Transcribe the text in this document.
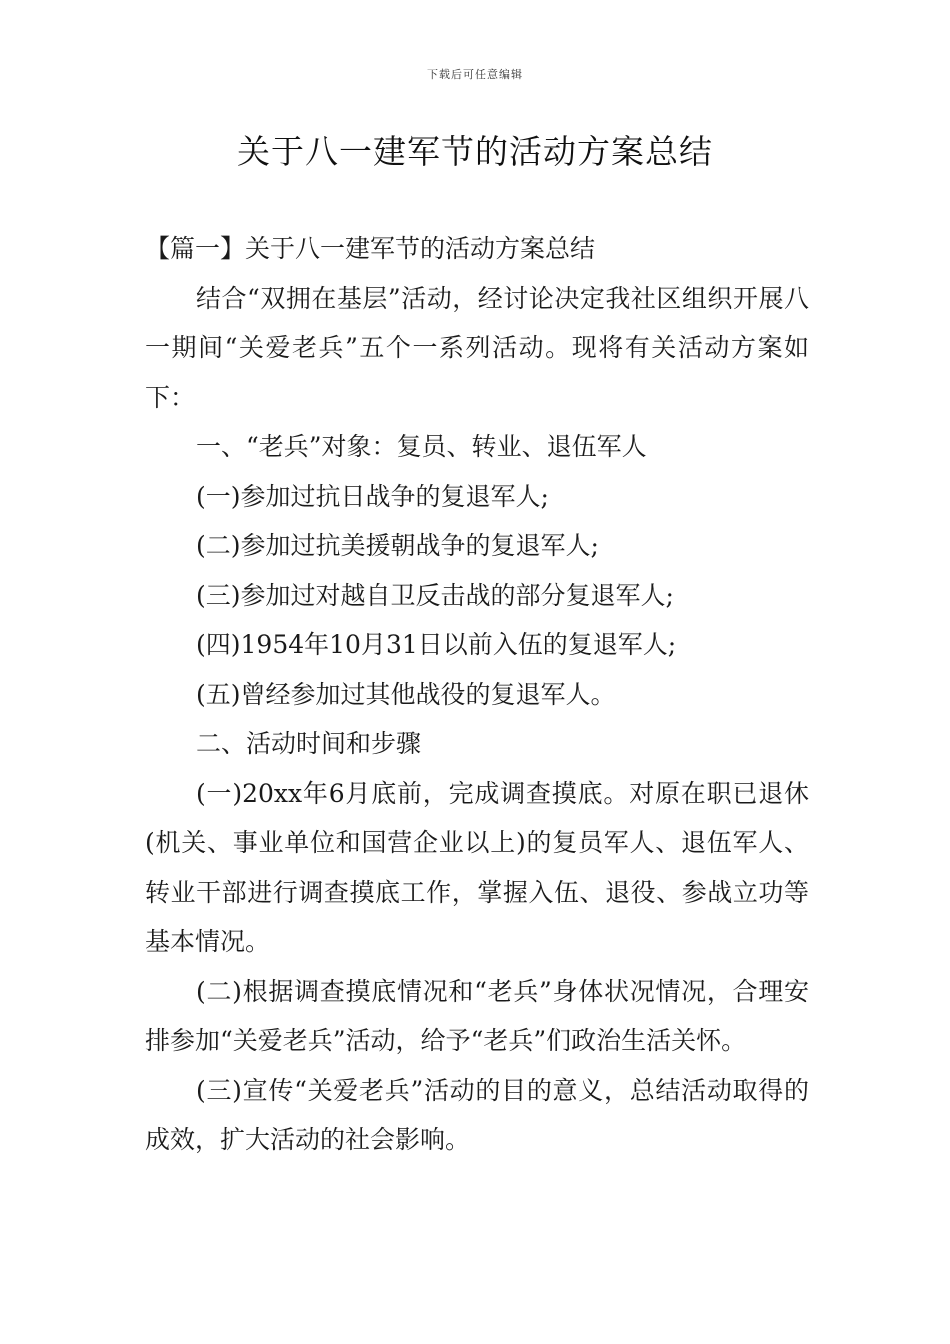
下载后可任意编辑
关于八一建军节的活动方案总结

【篇一】关于八一建军节的活动方案总结

结合“双拥在基层”活动，经讨论决定我社区组织开展八一期间“关爱老兵”五个一系列活动。现将有关活动方案如下：

一、“老兵”对象：复员、转业、退伍军人

(一)参加过抗日战争的复退军人;

(二)参加过抗美援朝战争的复退军人;

(三)参加过对越自卫反击战的部分复退军人;

(四)1954年10月31日以前入伍的复退军人;

(五)曾经参加过其他战役的复退军人。

二、活动时间和步骤

(一)20xx年6月底前，完成调查摸底。对原在职已退休(机关、事业单位和国营企业以上)的复员军人、退伍军人、转业干部进行调查摸底工作，掌握入伍、退役、参战立功等基本情况。

(二)根据调查摸底情况和“老兵”身体状况情况，合理安排参加“关爱老兵”活动，给予“老兵”们政治生活关怀。

(三)宣传“关爱老兵”活动的目的意义，总结活动取得的成效，扩大活动的社会影响。
